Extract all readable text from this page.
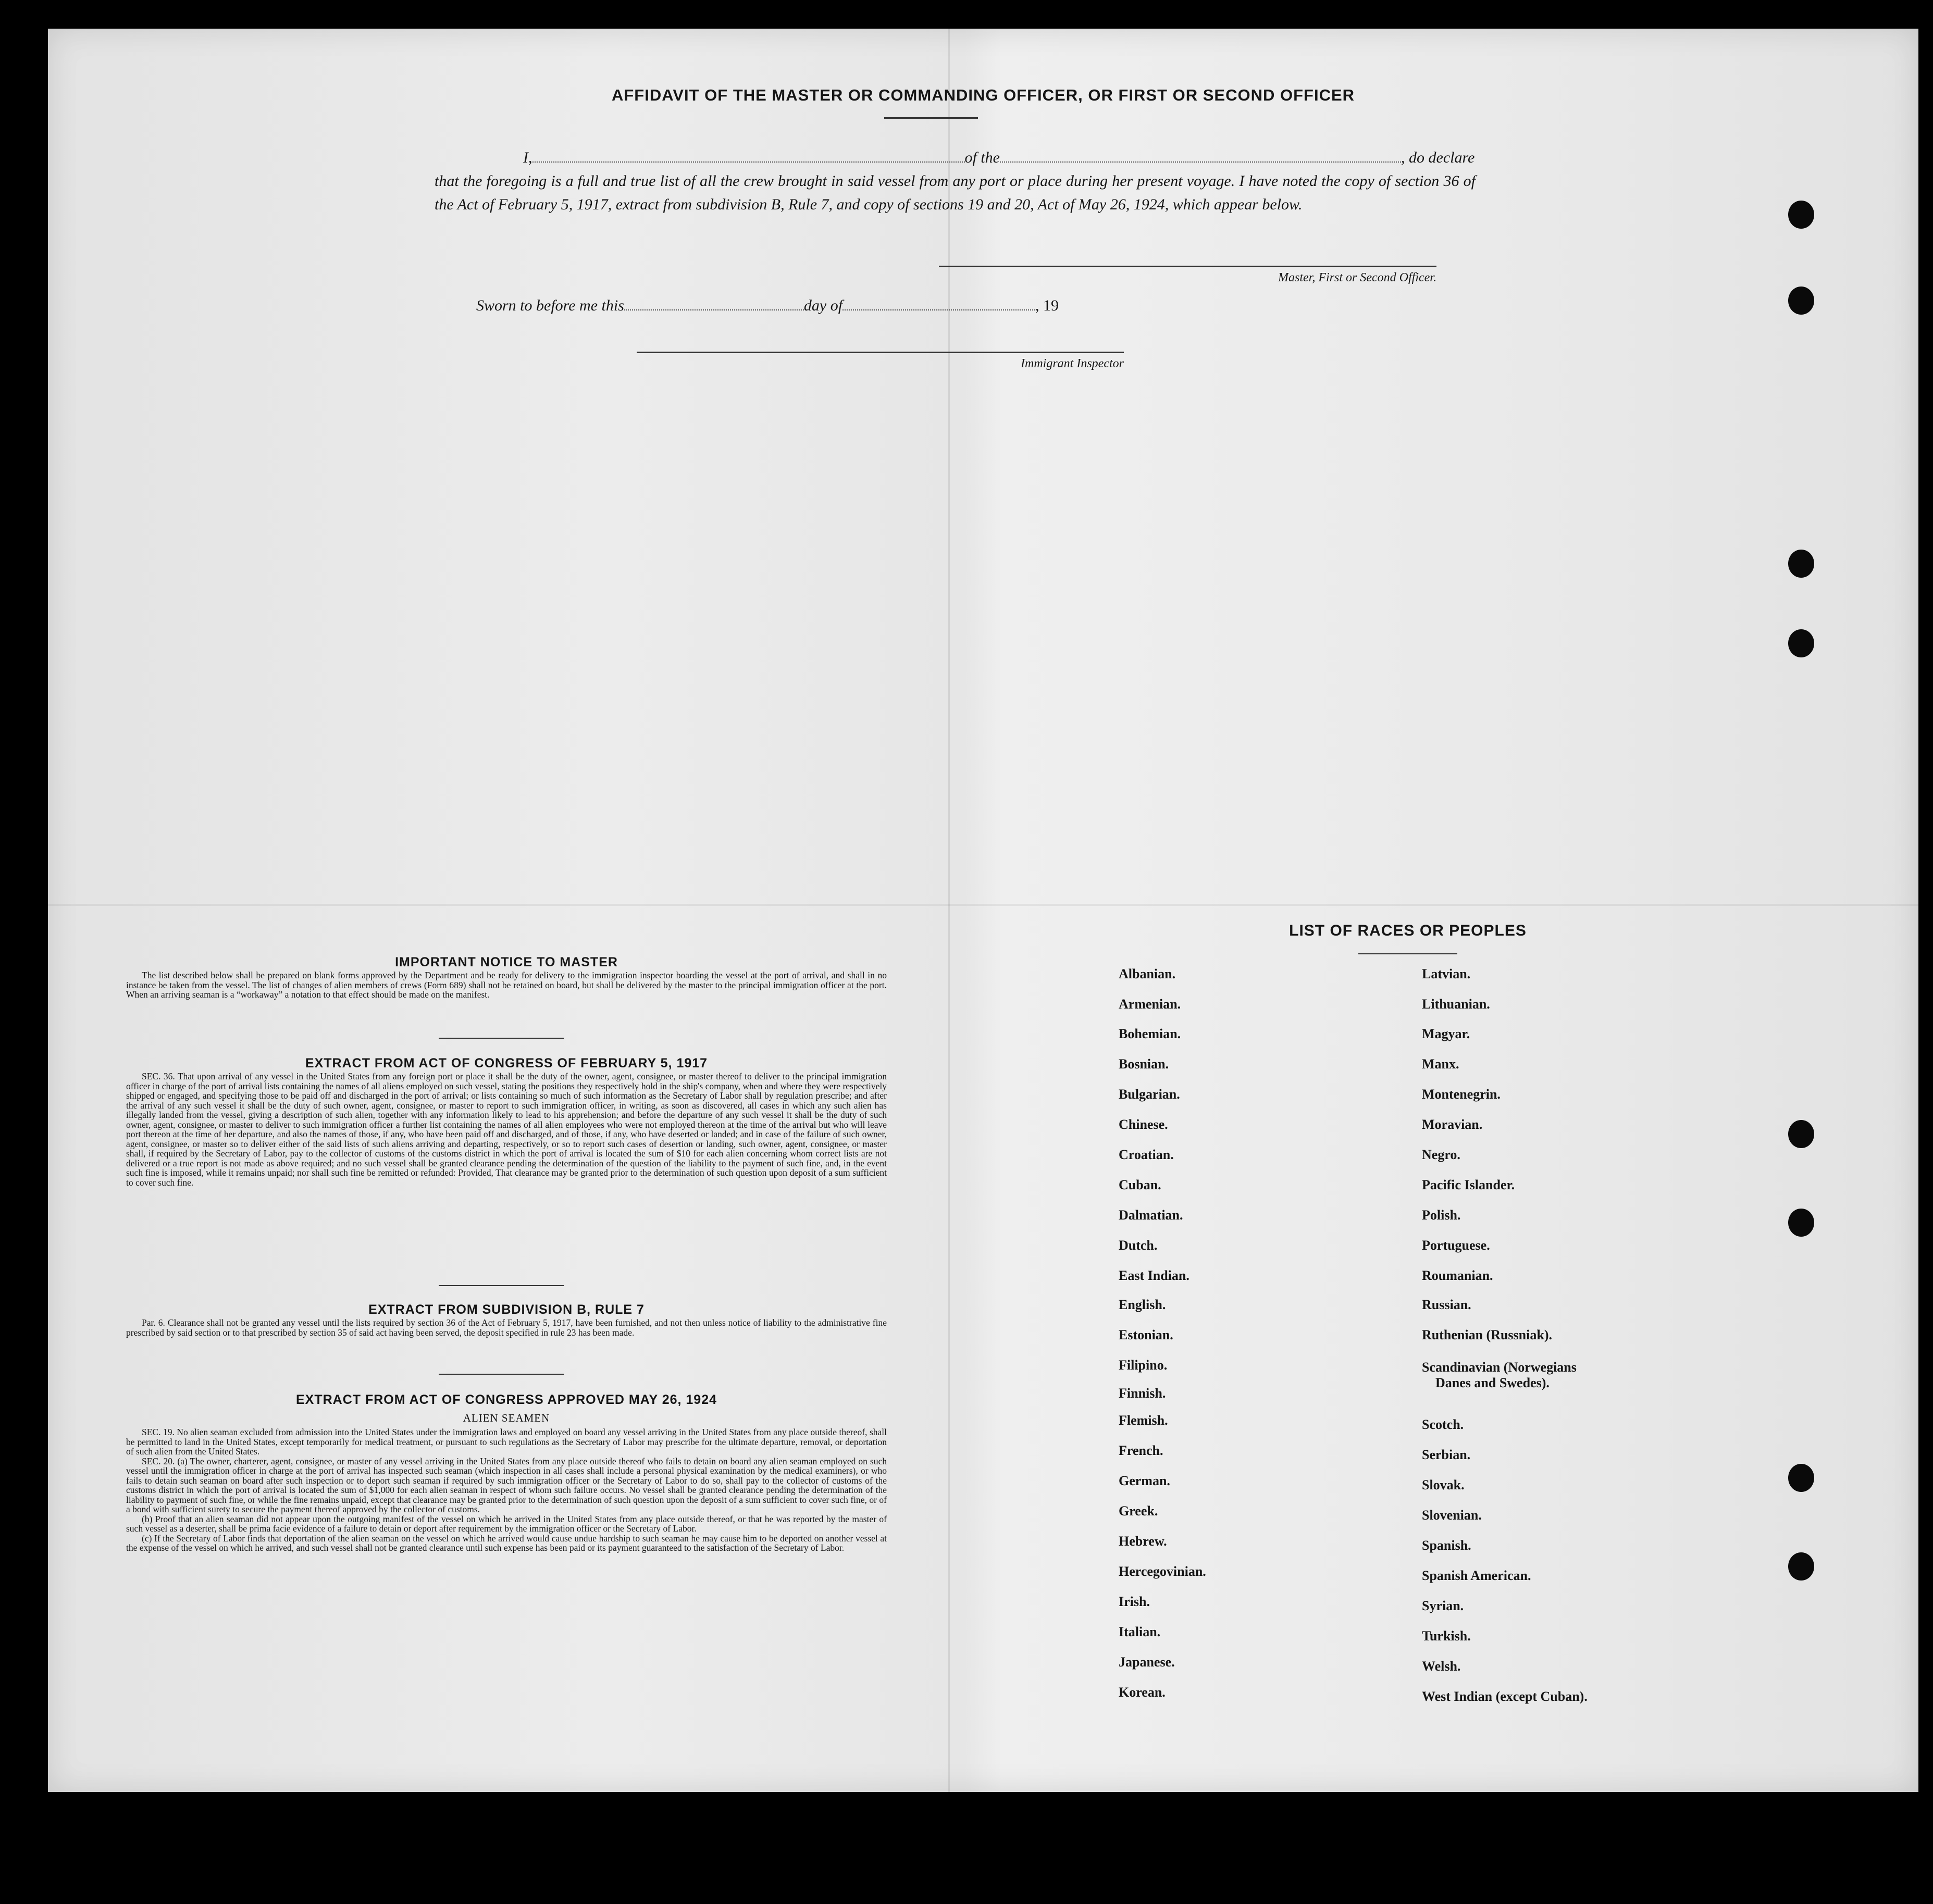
AFFIDAVIT OF THE MASTER OR COMMANDING OFFICER, OR FIRST OR SECOND OFFICER
I,	of the	, do declare
that the foregoing is a full and true list of all the crew brought in said vessel from any port or place during her present voyage. I have noted the copy of section 36 of the Act of February 5, 1917, extract from subdivision B, Rule 7, and copy of sections 19 and 20, Act of May 26, 1924, which appear below.
Master, First or Second Officer.
Sworn to before me this	day of	, 19
Immigrant Inspector
IMPORTANT NOTICE TO MASTER

The list described below shall be prepared on blank forms approved by the Department and be ready for delivery to the immigration inspector boarding the vessel at the port of arrival, and shall in no instance be taken from the vessel. The list of changes of alien members of crews (Form 689) shall not be retained on board, but shall be delivered by the master to the principal immigration officer at the port. When an arriving seaman is a “workaway” a notation to that effect should be made on the manifest.

EXTRACT FROM ACT OF CONGRESS OF FEBRUARY 5, 1917

SEC. 36. That upon arrival of any vessel in the United States from any foreign port or place it shall be the duty of the owner, agent, consignee, or master thereof to deliver to the principal immigration officer in charge of the port of arrival lists containing the names of all aliens employed on such vessel, stating the positions they respectively hold in the ship's company, when and where they were respectively shipped or engaged, and specifying those to be paid off and discharged in the port of arrival; or lists containing so much of such information as the Secretary of Labor shall by regulation prescribe; and after the arrival of any such vessel it shall be the duty of such owner, agent, consignee, or master to report to such immigration officer, in writing, as soon as discovered, all cases in which any such alien has illegally landed from the vessel, giving a description of such alien, together with any information likely to lead to his apprehension; and before the departure of any such vessel it shall be the duty of such owner, agent, consignee, or master to deliver to such immigration officer a further list containing the names of all alien employees who were not employed thereon at the time of the arrival but who will leave port thereon at the time of her departure, and also the names of those, if any, who have been paid off and discharged, and of those, if any, who have deserted or landed; and in case of the failure of such owner, agent, consignee, or master so to deliver either of the said lists of such aliens arriving and departing, respectively, or so to report such cases of desertion or landing, such owner, agent, consignee, or master shall, if required by the Secretary of Labor, pay to the collector of customs of the customs district in which the port of arrival is located the sum of $10 for each alien concerning whom correct lists are not delivered or a true report is not made as above required; and no such vessel shall be granted clearance pending the determination of the question of the liability to the payment of such fine, and, in the event such fine is imposed, while it remains unpaid; nor shall such fine be remitted or refunded: Provided, That clearance may be granted prior to the determination of such question upon deposit of a sum sufficient to cover such fine.

EXTRACT FROM SUBDIVISION B, RULE 7

Par. 6. Clearance shall not be granted any vessel until the lists required by section 36 of the Act of February 5, 1917, have been furnished, and not then unless notice of liability to the administrative fine prescribed by said section or to that prescribed by section 35 of said act having been served, the deposit specified in rule 23 has been made.

EXTRACT FROM ACT OF CONGRESS APPROVED MAY 26, 1924
ALIEN SEAMEN

SEC. 19. No alien seaman excluded from admission into the United States under the immigration laws and employed on board any vessel arriving in the United States from any place outside thereof, shall be permitted to land in the United States, except temporarily for medical treatment, or pursuant to such regulations as the Secretary of Labor may prescribe for the ultimate departure, removal, or deportation of such alien from the United States.

SEC. 20. (a) The owner, charterer, agent, consignee, or master of any vessel arriving in the United States from any place outside thereof who fails to detain on board any alien seaman employed on such vessel until the immigration officer in charge at the port of arrival has inspected such seaman (which inspection in all cases shall include a personal physical examination by the medical examiners), or who fails to detain such seaman on board after such inspection or to deport such seaman if required by such immigration officer or the Secretary of Labor to do so, shall pay to the collector of customs of the customs district in which the port of arrival is located the sum of $1,000 for each alien seaman in respect of whom such failure occurs. No vessel shall be granted clearance pending the determination of the liability to payment of such fine, or while the fine remains unpaid, except that clearance may be granted prior to the determination of such question upon the deposit of a sum sufficient to cover such fine, or of a bond with sufficient surety to secure the payment thereof approved by the collector of customs.

(b) Proof that an alien seaman did not appear upon the outgoing manifest of the vessel on which he arrived in the United States from any place outside thereof, or that he was reported by the master of such vessel as a deserter, shall be prima facie evidence of a failure to detain or deport after requirement by the immigration officer or the Secretary of Labor.

(c) If the Secretary of Labor finds that deportation of the alien seaman on the vessel on which he arrived would cause undue hardship to such seaman he may cause him to be deported on another vessel at the expense of the vessel on which he arrived, and such vessel shall not be granted clearance until such expense has been paid or its payment guaranteed to the satisfaction of the Secretary of Labor.

LIST OF RACES OR PEOPLES
Albanian.
Armenian.
Bohemian.
Bosnian.
Bulgarian.
Chinese.
Croatian.
Cuban.
Dalmatian.
Dutch.
East Indian.
English.
Estonian.
Filipino.
Finnish.
Flemish.
French.
German.
Greek.
Hebrew.
Hercegovinian.
Irish.
Italian.
Japanese.
Korean.
Latvian.
Lithuanian.
Magyar.
Manx.
Montenegrin.
Moravian.
Negro.
Pacific Islander.
Polish.
Portuguese.
Roumanian.
Russian.
Ruthenian (Russniak).
Scandinavian (Norwegians
Danes and Swedes).
Scotch.
Serbian.
Slovak.
Slovenian.
Spanish.
Spanish American.
Syrian.
Turkish.
Welsh.
West Indian (except Cuban).
